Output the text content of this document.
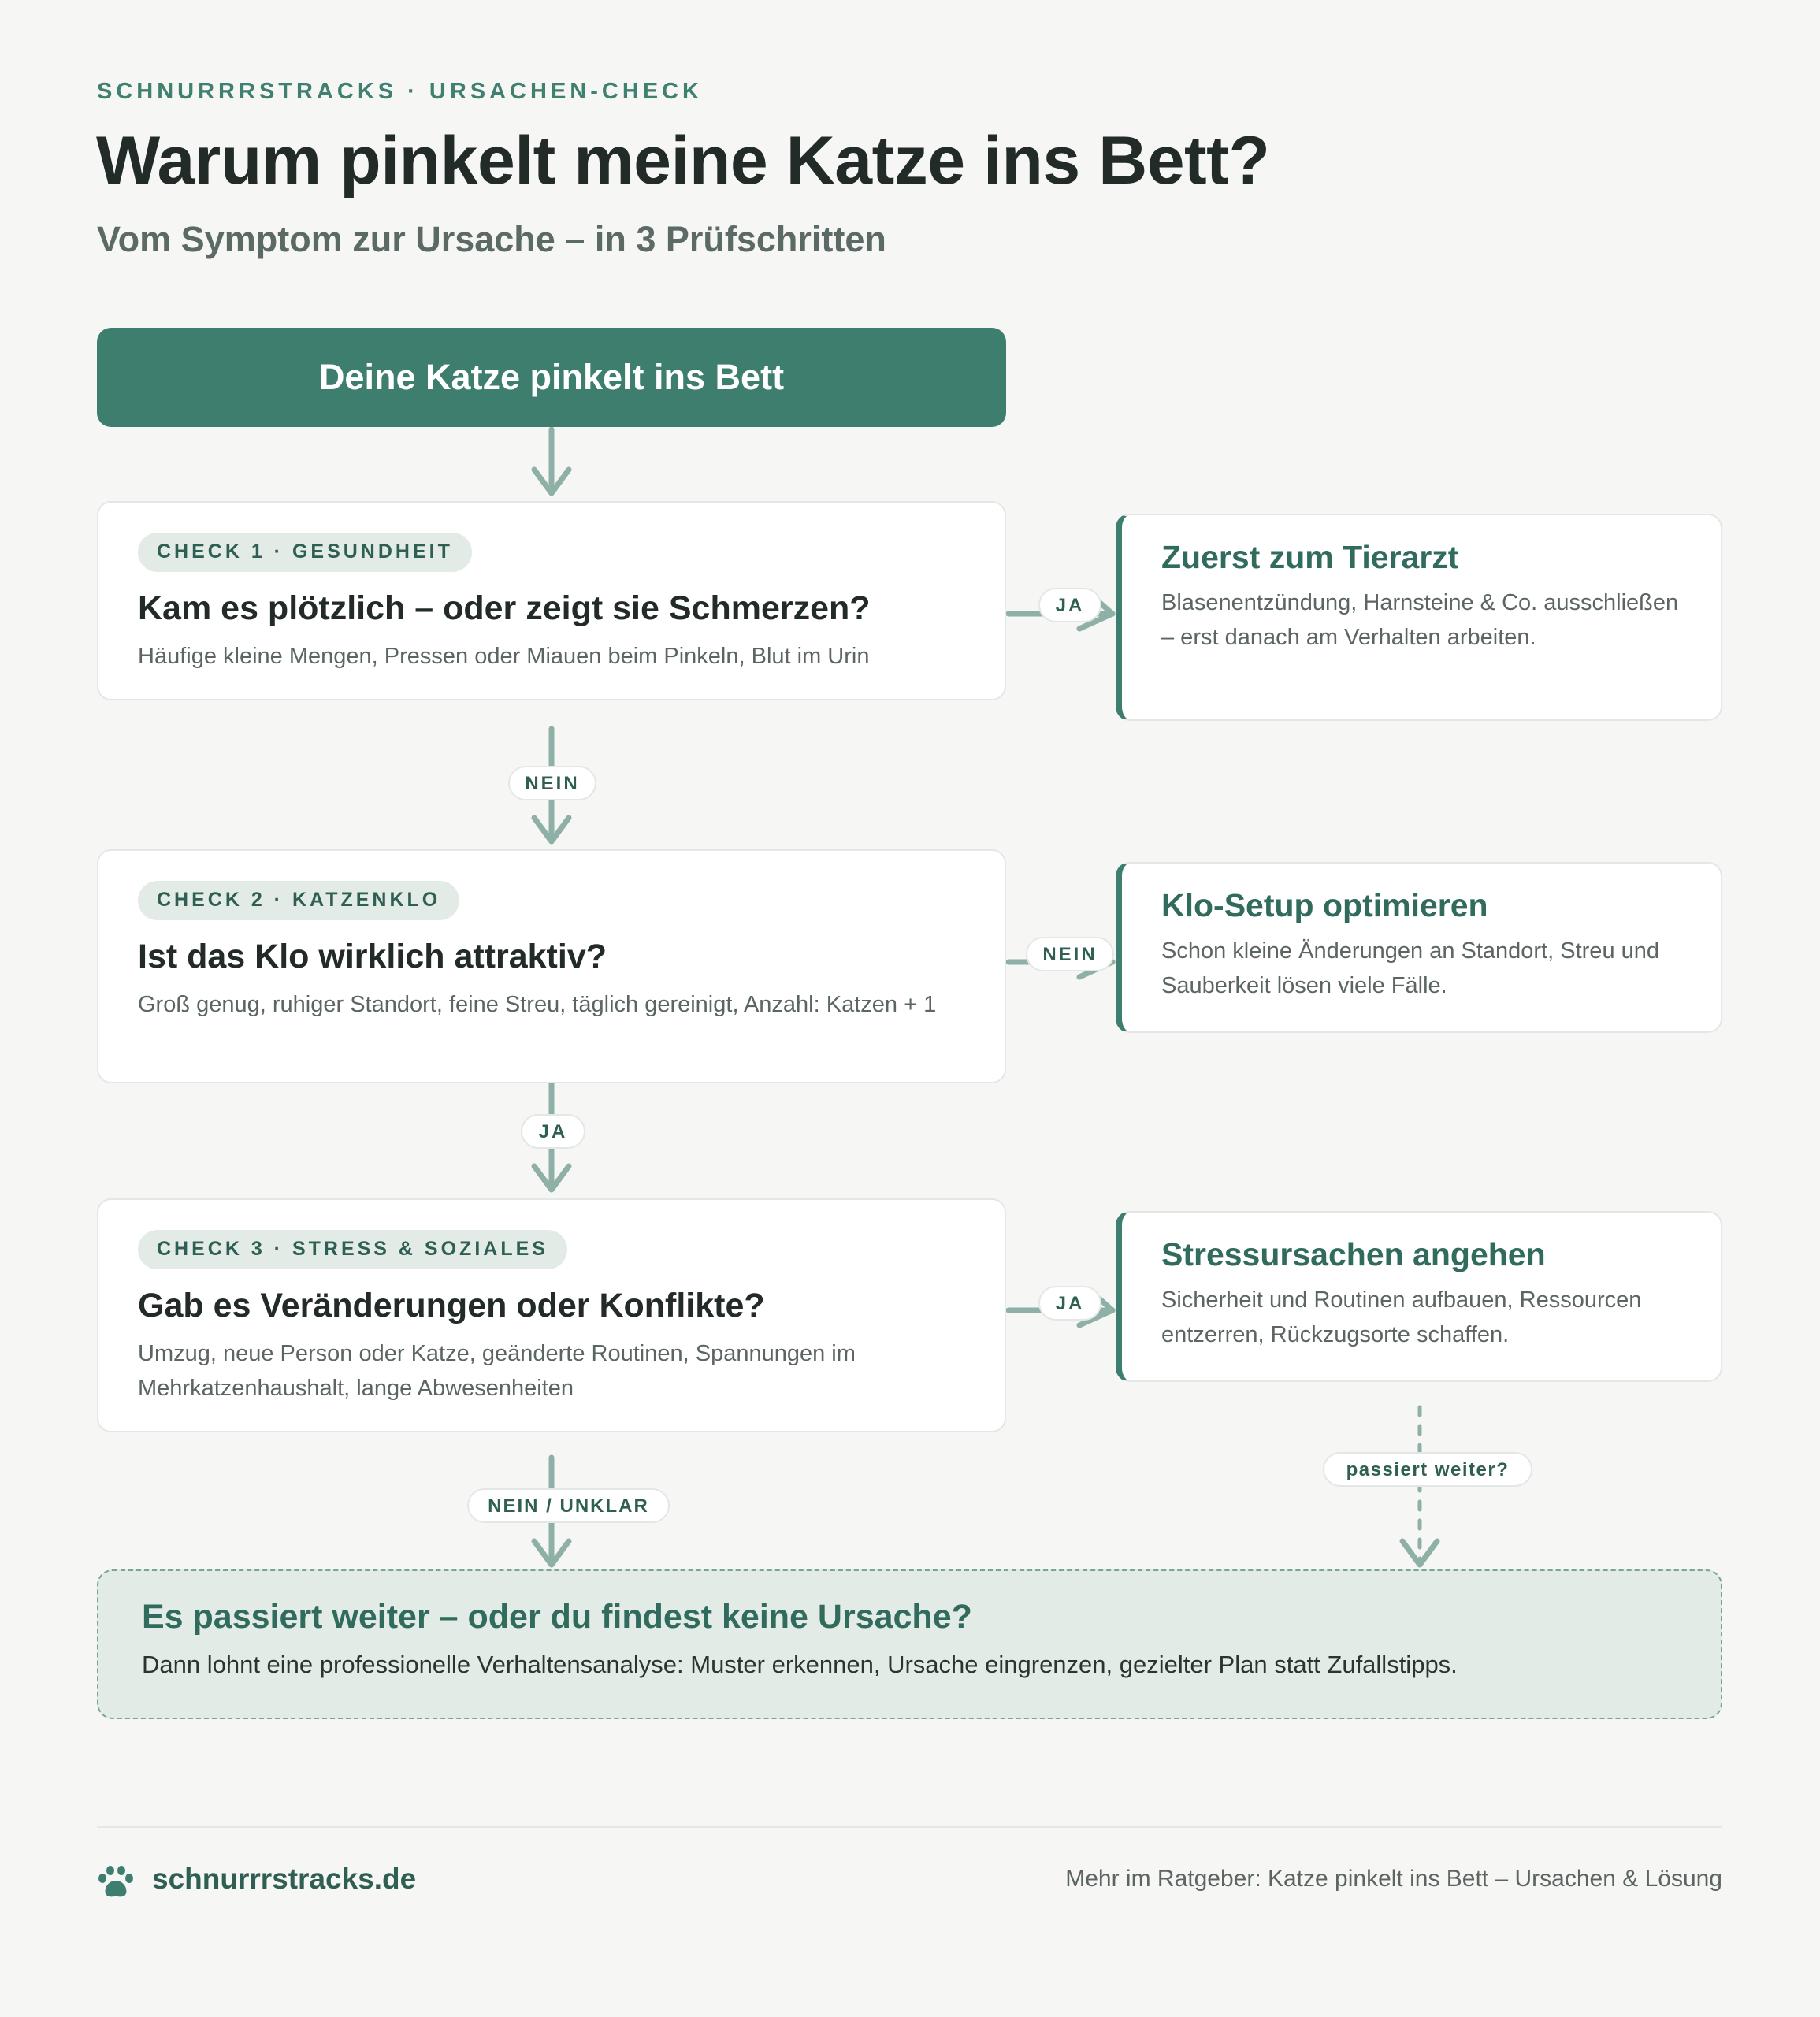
SCHNURRRSTRACKS · URSACHEN-CHECK
Warum pinkelt meine Katze ins Bett?
Vom Symptom zur Ursache – in 3 Prüfschritten
Deine Katze pinkelt ins Bett
CHECK 1 · GESUNDHEIT
Kam es plötzlich – oder zeigt sie Schmerzen?
Häufige kleine Mengen, Pressen oder Miauen beim Pinkeln, Blut im Urin
CHECK 2 · KATZENKLO
Ist das Klo wirklich attraktiv?
Groß genug, ruhiger Standort, feine Streu, täglich gereinigt, Anzahl: Katzen + 1
CHECK 3 · STRESS & SOZIALES
Gab es Veränderungen oder Konflikte?
Umzug, neue Person oder Katze, geänderte Routinen, Spannungen im Mehrkatzenhaushalt, lange Abwesenheiten
Zuerst zum Tierarzt
Blasenentzündung, Harnsteine & Co. ausschließen – erst danach am Verhalten arbeiten.
Klo-Setup optimieren
Schon kleine Änderungen an Standort, Streu und Sauberkeit lösen viele Fälle.
Stressursachen angehen
Sicherheit und Routinen aufbauen, Ressourcen entzerren, Rückzugsorte schaffen.
JA
NEIN
NEIN
JA
JA
NEIN / UNKLAR
passiert weiter?
Es passiert weiter – oder du findest keine Ursache?
Dann lohnt eine professionelle Verhaltensanalyse: Muster erkennen, Ursache eingrenzen, gezielter Plan statt Zufallstipps.
schnurrrstracks.de	Mehr im Ratgeber: Katze pinkelt ins Bett – Ursachen & Lösung
